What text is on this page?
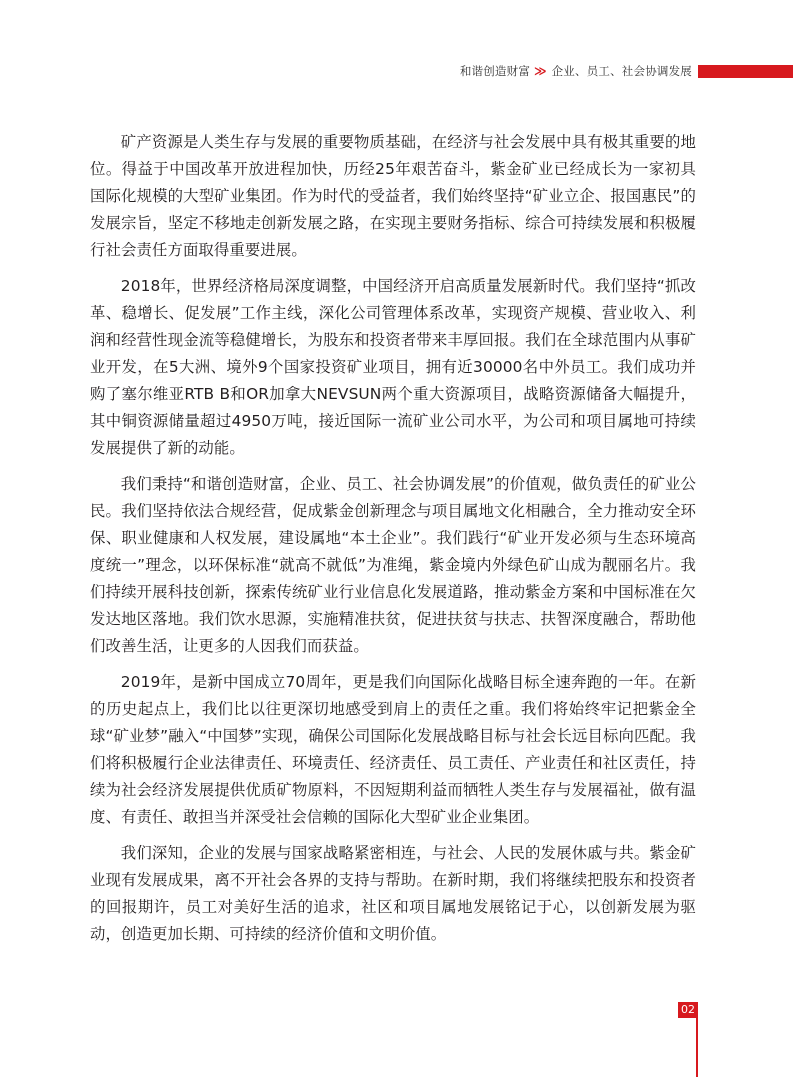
和谐创造财富 ≫ 企业、员工、社会协调发展

矿产资源是人类生存与发展的重要物质基础，在经济与社会发展中具有极其重要的地位。得益于中国改革开放进程加快，历经25年艰苦奋斗，紫金矿业已经成长为一家初具国际化规模的大型矿业集团。作为时代的受益者，我们始终坚持“矿业立企、报国惠民”的发展宗旨，坚定不移地走创新发展之路，在实现主要财务指标、综合可持续发展和积极履行社会责任方面取得重要进展。

2018年，世界经济格局深度调整，中国经济开启高质量发展新时代。我们坚持“抓改革、稳增长、促发展”工作主线，深化公司管理体系改革，实现资产规模、营业收入、利润和经营性现金流等稳健增长，为股东和投资者带来丰厚回报。我们在全球范围内从事矿业开发，在5大洲、境外9个国家投资矿业项目，拥有近30000名中外员工。我们成功并购了塞尔维亚RTB B和OR加拿大NEVSUN两个重大资源项目，战略资源储备大幅提升，其中铜资源储量超过4950万吨，接近国际一流矿业公司水平，为公司和项目属地可持续发展提供了新的动能。

我们秉持“和谐创造财富，企业、员工、社会协调发展”的价值观，做负责任的矿业公民。我们坚持依法合规经营，促成紫金创新理念与项目属地文化相融合，全力推动安全环保、职业健康和人权发展，建设属地“本土企业”。我们践行“矿业开发必须与生态环境高度统一”理念，以环保标准“就高不就低”为准绳，紫金境内外绿色矿山成为靓丽名片。我们持续开展科技创新，探索传统矿业行业信息化发展道路，推动紫金方案和中国标准在欠发达地区落地。我们饮水思源，实施精准扶贫，促进扶贫与扶志、扶智深度融合，帮助他们改善生活，让更多的人因我们而获益。

2019年，是新中国成立70周年，更是我们向国际化战略目标全速奔跑的一年。在新的历史起点上，我们比以往更深切地感受到肩上的责任之重。我们将始终牢记把紫金全球“矿业梦”融入“中国梦”实现，确保公司国际化发展战略目标与社会长远目标向匹配。我们将积极履行企业法律责任、环境责任、经济责任、员工责任、产业责任和社区责任，持续为社会经济发展提供优质矿物原料，不因短期利益而牺牲人类生存与发展福祉，做有温度、有责任、敢担当并深受社会信赖的国际化大型矿业企业集团。

我们深知，企业的发展与国家战略紧密相连，与社会、人民的发展休戚与共。紫金矿业现有发展成果，离不开社会各界的支持与帮助。在新时期，我们将继续把股东和投资者的回报期许，员工对美好生活的追求，社区和项目属地发展铭记于心，以创新发展为驱动，创造更加长期、可持续的经济价值和文明价值。

02
